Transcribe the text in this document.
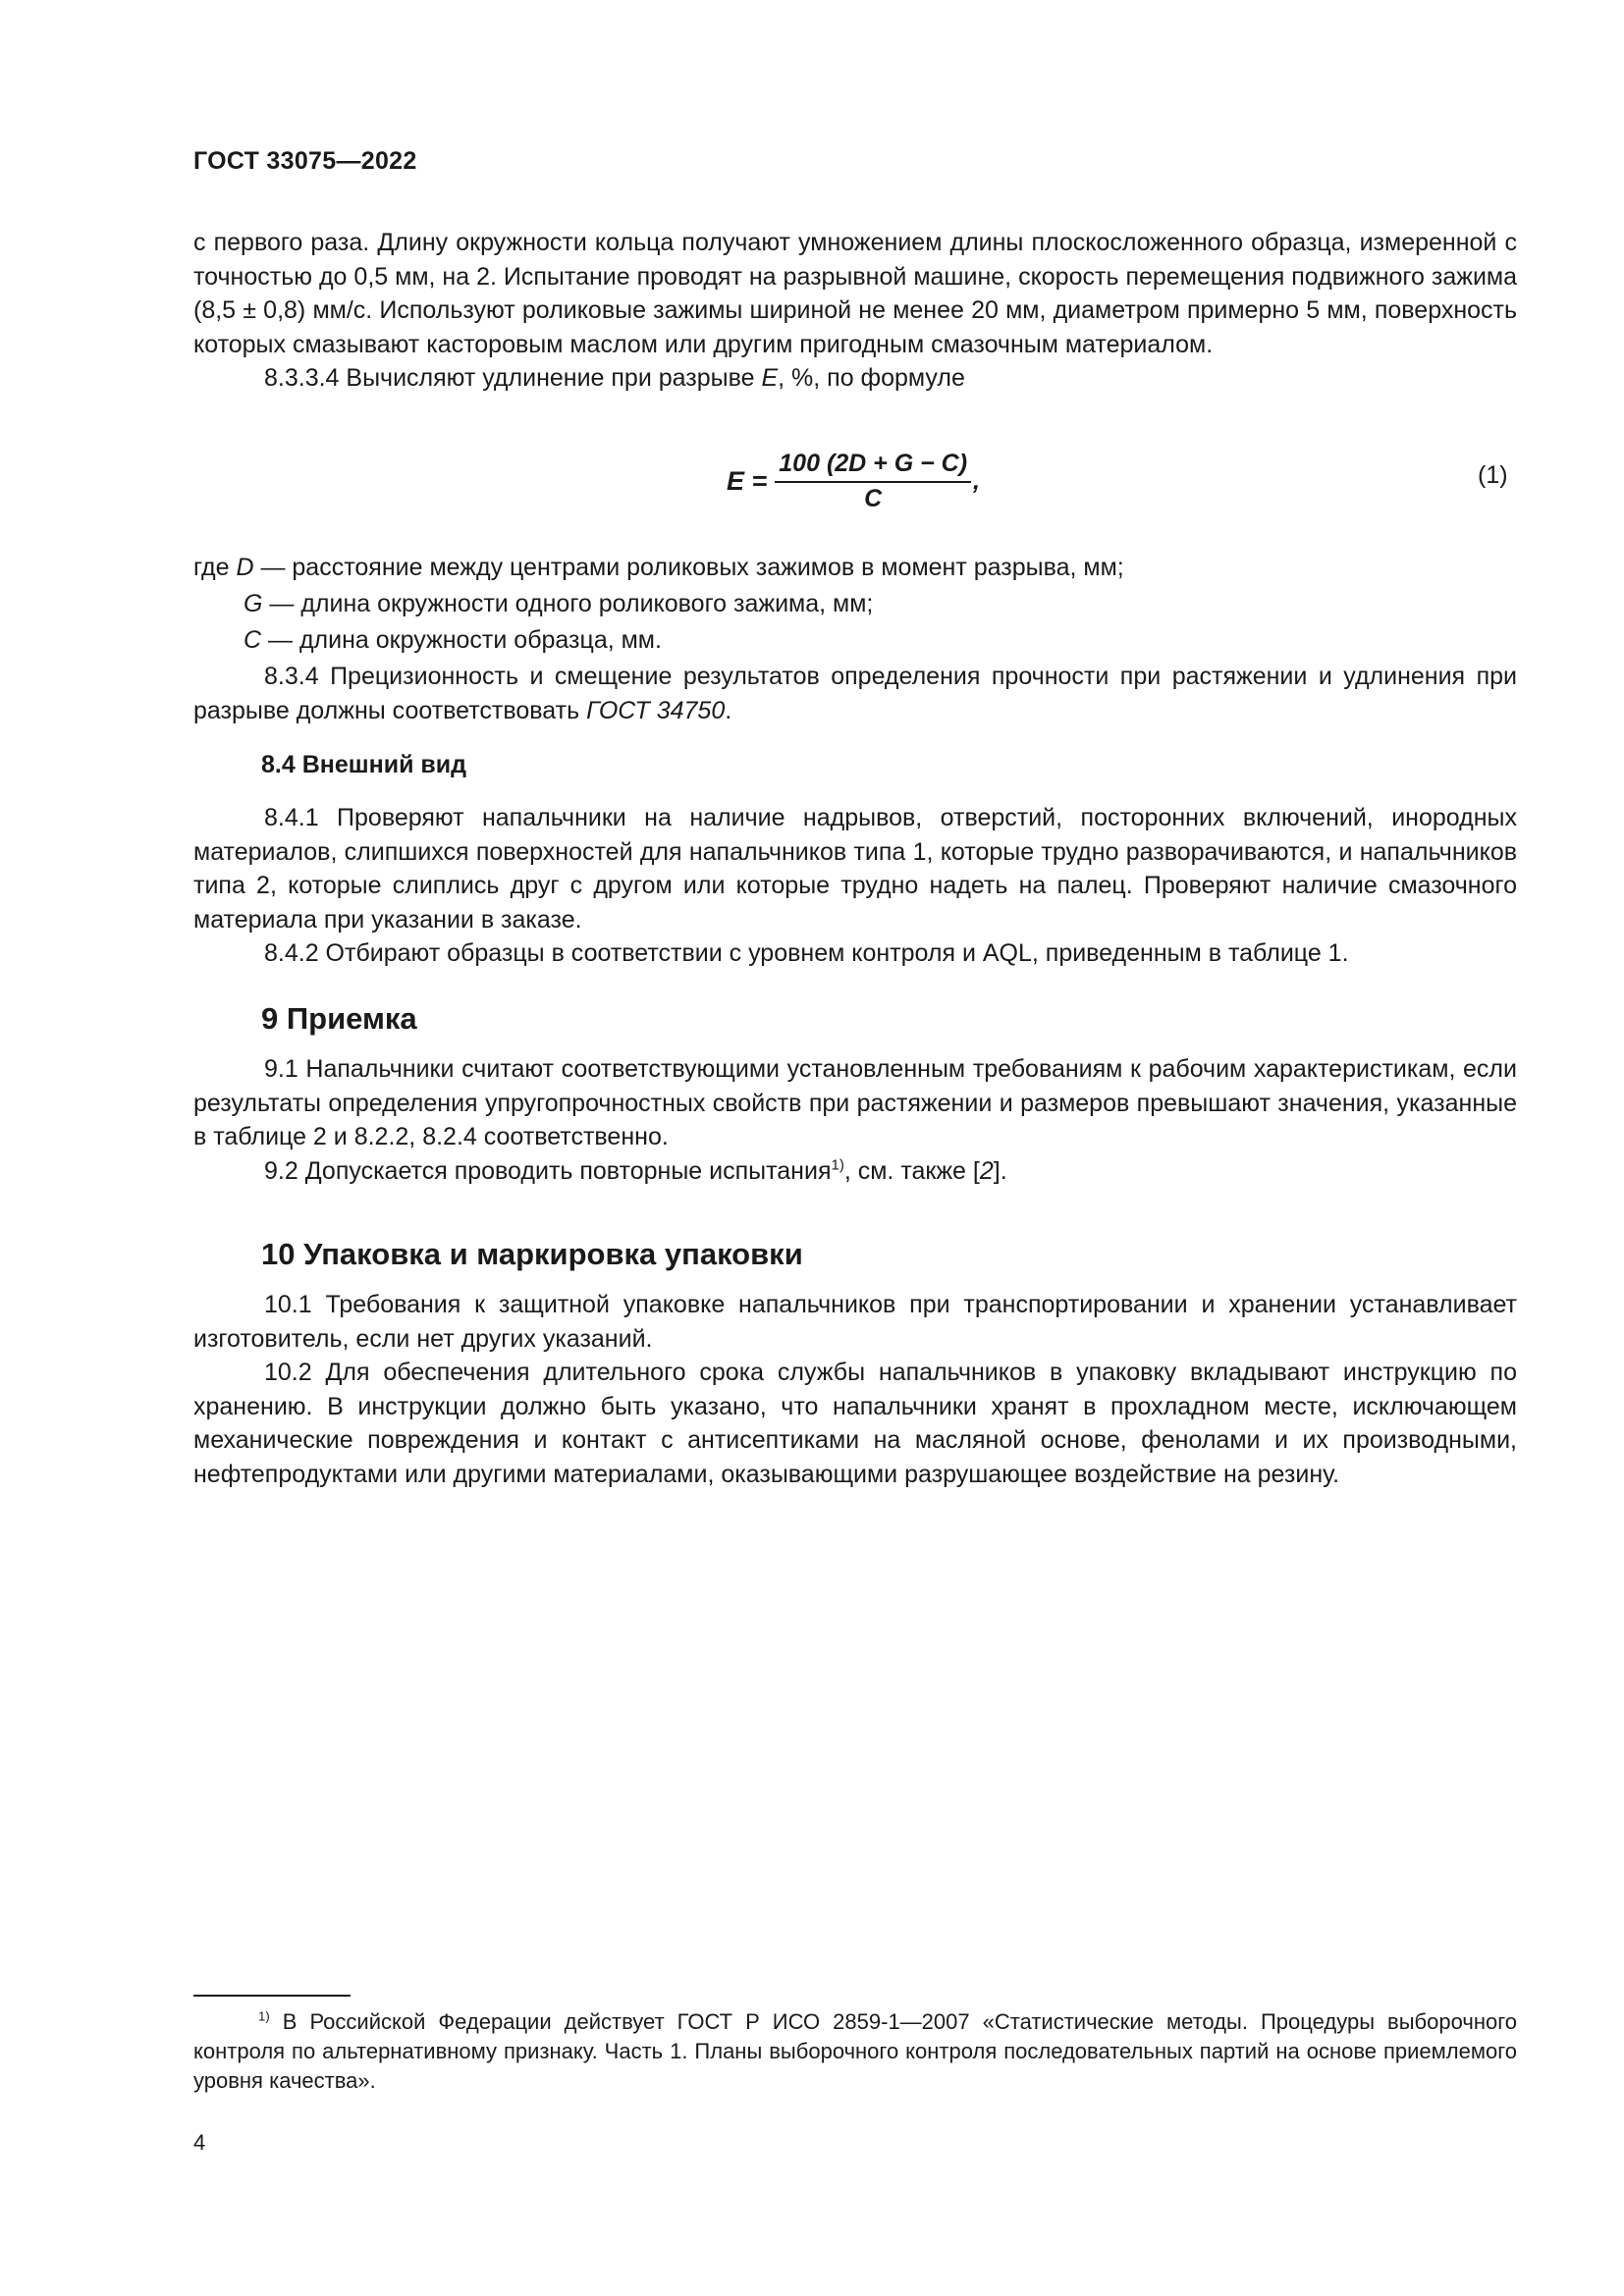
ГОСТ 33075—2022

с первого раза. Длину окружности кольца получают умножением длины плоскосложенного образца, измеренной с точностью до 0,5 мм, на 2. Испытание проводят на разрывной машине, скорость перемещения подвижного зажима (8,5 ± 0,8) мм/с. Используют роликовые зажимы шириной не менее 20 мм, диаметром примерно 5 мм, поверхность которых смазывают касторовым маслом или другим пригодным смазочным материалом.

8.3.3.4 Вычисляют удлинение при разрыве E, %, по формуле

$E = \frac{100 (2D + G - C)}{C}$ ,	(1)
где D — расстояние между центрами роликовых зажимов в момент разрыва, мм;
G — длина окружности одного роликового зажима, мм;
C — длина окружности образца, мм.

8.3.4 Прецизионность и смещение результатов определения прочности при растяжении и удлинения при разрыве должны соответствовать ГОСТ 34750.

8.4 Внешний вид

8.4.1 Проверяют напальчники на наличие надрывов, отверстий, посторонних включений, инородных материалов, слипшихся поверхностей для напальчников типа 1, которые трудно разворачиваются, и напальчников типа 2, которые слиплись друг с другом или которые трудно надеть на палец. Проверяют наличие смазочного материала при указании в заказе.

8.4.2 Отбирают образцы в соответствии с уровнем контроля и AQL, приведенным в таблице 1.

9 Приемка

9.1 Напальчники считают соответствующими установленным требованиям к рабочим характеристикам, если результаты определения упругопрочностных свойств при растяжении и размеров превышают значения, указанные в таблице 2 и 8.2.2, 8.2.4 соответственно.

9.2 Допускается проводить повторные испытания$^{1)}$, см. также [2].

10 Упаковка и маркировка упаковки

10.1 Требования к защитной упаковке напальчников при транспортировании и хранении устанавливает изготовитель, если нет других указаний.

10.2 Для обеспечения длительного срока службы напальчников в упаковку вкладывают инструкцию по хранению. В инструкции должно быть указано, что напальчники хранят в прохладном месте, исключающем механические повреждения и контакт с антисептиками на масляной основе, фенолами и их производными, нефтепродуктами или другими материалами, оказывающими разрушающее воздействие на резину.

$^{1)}$ В Российской Федерации действует ГОСТ Р ИСО 2859-1—2007 «Статистические методы. Процедуры выборочного контроля по альтернативному признаку. Часть 1. Планы выборочного контроля последовательных партий на основе приемлемого уровня качества».

4
